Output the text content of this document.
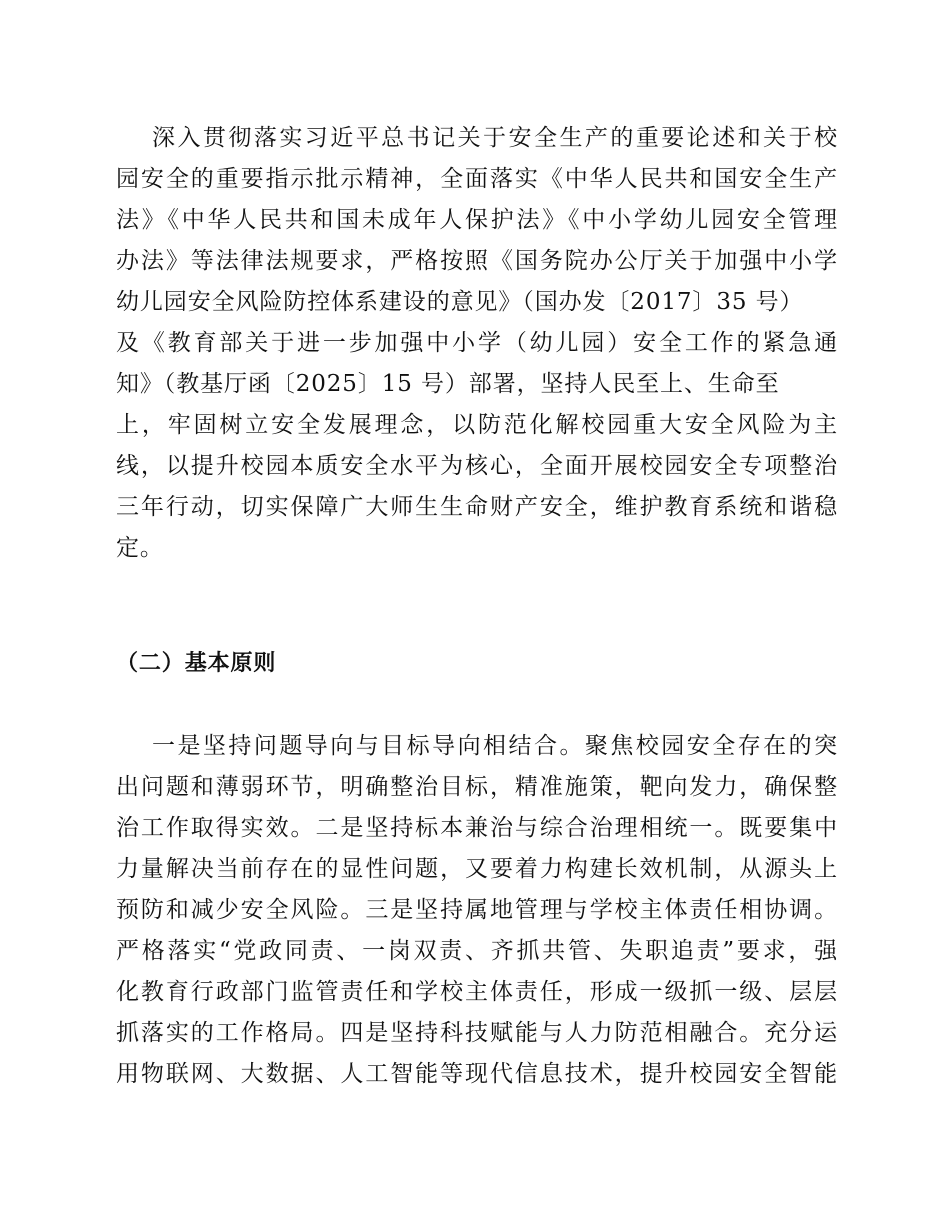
深入贯彻落实习近平总书记关于安全生产的重要论述和关于校
园安全的重要指示批示精神，全面落实《中华人民共和国安全生产
法》《中华人民共和国未成年人保护法》《中小学幼儿园安全管理
办法》等法律法规要求，严格按照《国务院办公厅关于加强中小学
幼儿园安全风险防控体系建设的意见》（国办发〔2017〕35 号）
及《教育部关于进一步加强中小学（幼儿园）安全工作的紧急通
知》（教基厅函〔2025〕15 号）部署，坚持人民至上、生命至
上，牢固树立安全发展理念，以防范化解校园重大安全风险为主
线，以提升校园本质安全水平为核心，全面开展校园安全专项整治
三年行动，切实保障广大师生生命财产安全，维护教育系统和谐稳
定。
（二）基本原则
一是坚持问题导向与目标导向相结合。聚焦校园安全存在的突
出问题和薄弱环节，明确整治目标，精准施策，靶向发力，确保整
治工作取得实效。二是坚持标本兼治与综合治理相统一。既要集中
力量解决当前存在的显性问题，又要着力构建长效机制，从源头上
预防和减少安全风险。三是坚持属地管理与学校主体责任相协调。
严格落实“党政同责、一岗双责、齐抓共管、失职追责”要求，强
化教育行政部门监管责任和学校主体责任，形成一级抓一级、层层
抓落实的工作格局。四是坚持科技赋能与人力防范相融合。充分运
用物联网、大数据、人工智能等现代信息技术，提升校园安全智能
